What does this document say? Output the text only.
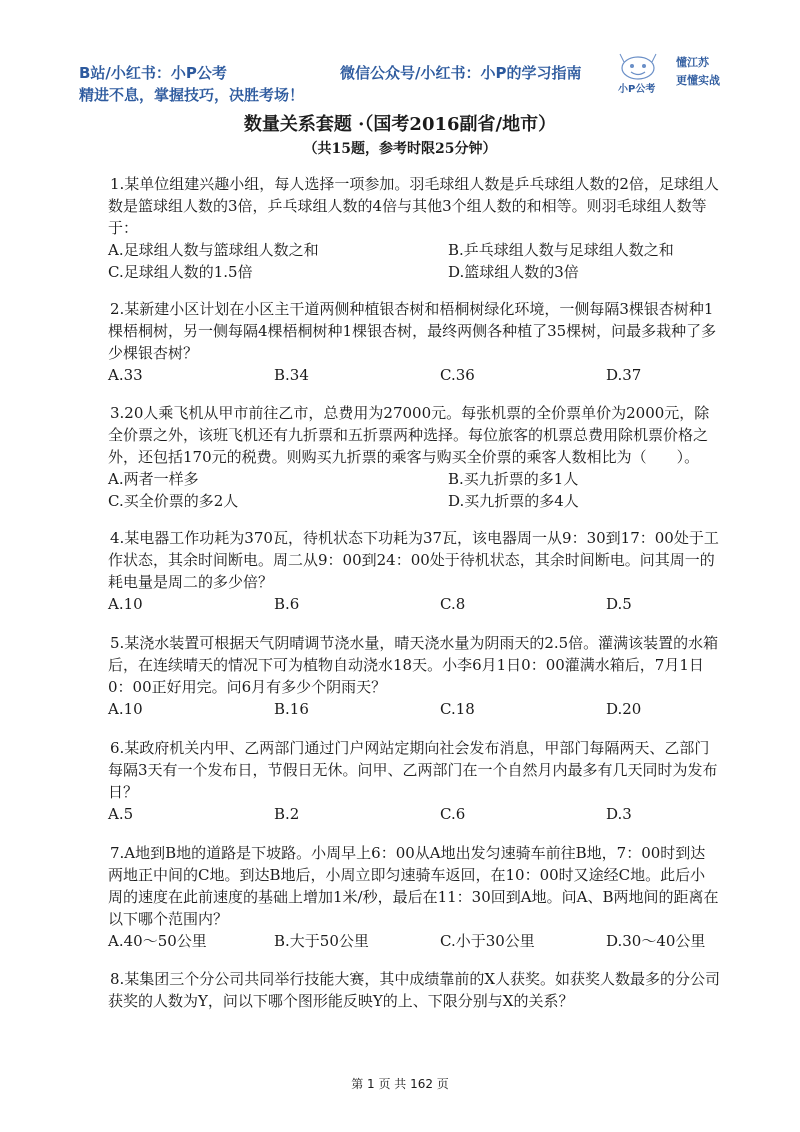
B站/小红书：小P公考
精进不息，掌握技巧，决胜考场！
微信公众号/小红书：小P的学习指南
懂江苏
更懂实战
小P公考
数量关系套题 ·（国考2016副省/地市）
（共15题，参考时限25分钟）
1.某单位组建兴趣小组，每人选择一项参加。羽毛球组人数是乒乓球组人数的2倍，足球组人数是篮球组人数的3倍，乒乓球组人数的4倍与其他3个组人数的和相等。则羽毛球组人数等于：
A.足球组人数与篮球组人数之和	B.乒乓球组人数与足球组人数之和
C.足球组人数的1.5倍	D.篮球组人数的3倍
2.某新建小区计划在小区主干道两侧种植银杏树和梧桐树绿化环境，一侧每隔3棵银杏树种1棵梧桐树，另一侧每隔4棵梧桐树种1棵银杏树，最终两侧各种植了35棵树，问最多栽种了多少棵银杏树？
A.33	B.34	C.36	D.37
3.20人乘飞机从甲市前往乙市，总费用为27000元。每张机票的全价票单价为2000元，除全价票之外，该班飞机还有九折票和五折票两种选择。每位旅客的机票总费用除机票价格之外，还包括170元的税费。则购买九折票的乘客与购买全价票的乘客人数相比为（　　）。
A.两者一样多	B.买九折票的多1人
C.买全价票的多2人	D.买九折票的多4人
4.某电器工作功耗为370瓦，待机状态下功耗为37瓦，该电器周一从9：30到17：00处于工作状态，其余时间断电。周二从9：00到24：00处于待机状态，其余时间断电。问其周一的耗电量是周二的多少倍？
A.10	B.6	C.8	D.5
5.某浇水装置可根据天气阴晴调节浇水量，晴天浇水量为阴雨天的2.5倍。灌满该装置的水箱后，在连续晴天的情况下可为植物自动浇水18天。小李6月1日0：00灌满水箱后，7月1日0：00正好用完。问6月有多少个阴雨天？
A.10	B.16	C.18	D.20
6.某政府机关内甲、乙两部门通过门户网站定期向社会发布消息，甲部门每隔两天、乙部门每隔3天有一个发布日，节假日无休。问甲、乙两部门在一个自然月内最多有几天同时为发布日？
A.5	B.2	C.6	D.3
7.A地到B地的道路是下坡路。小周早上6：00从A地出发匀速骑车前往B地，7：00时到达两地正中间的C地。到达B地后，小周立即匀速骑车返回，在10：00时又途经C地。此后小周的速度在此前速度的基础上增加1米/秒，最后在11：30回到A地。问A、B两地间的距离在以下哪个范围内？
A.40～50公里	B.大于50公里	C.小于30公里	D.30～40公里
8.某集团三个分公司共同举行技能大赛，其中成绩靠前的X人获奖。如获奖人数最多的分公司获奖的人数为Y，问以下哪个图形能反映Y的上、下限分别与X的关系？
第 1 页 共 162 页
